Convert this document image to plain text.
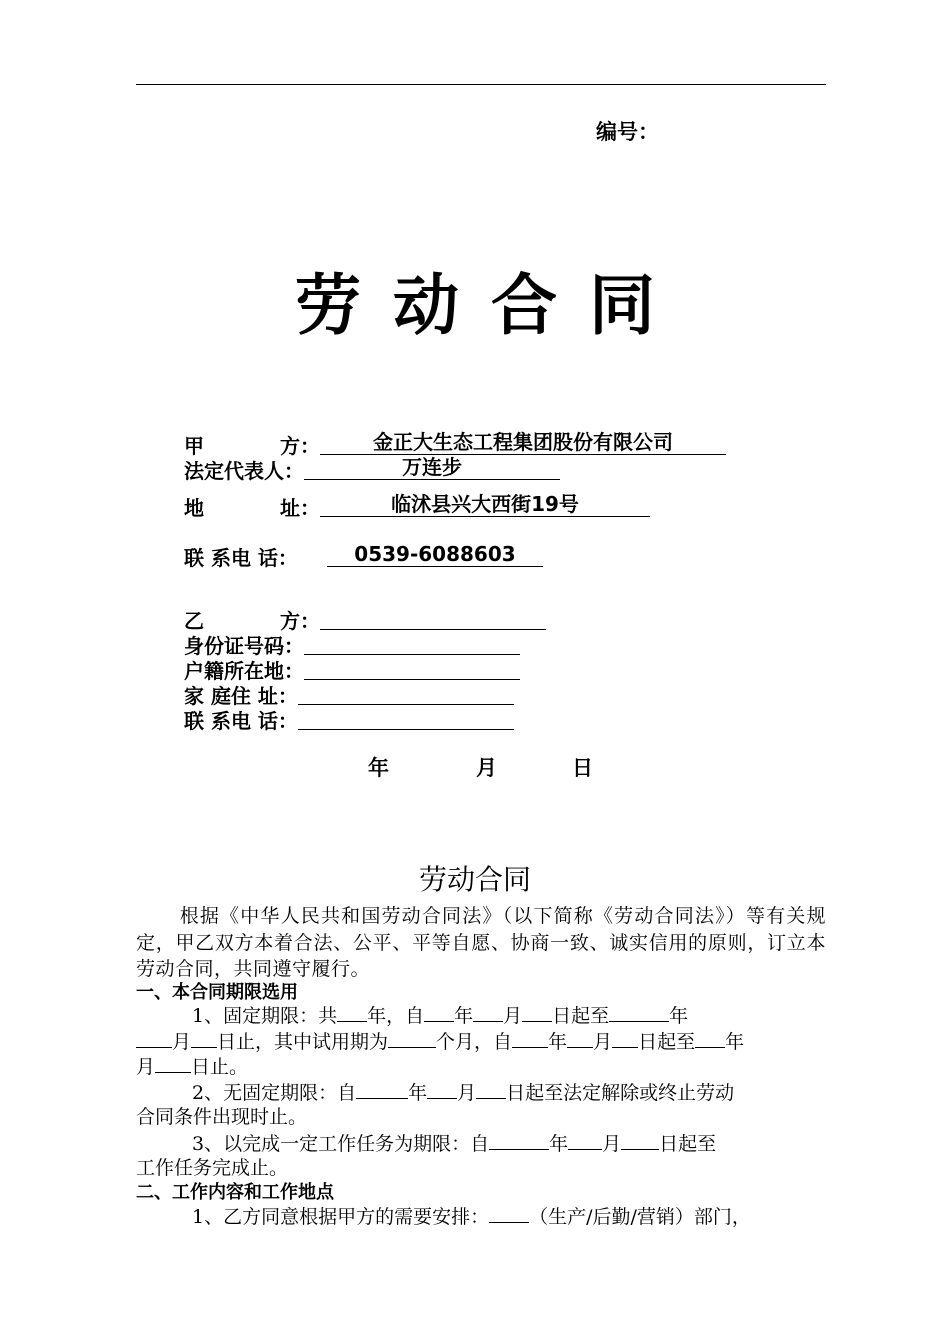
编号：
劳动合同
甲	方：	金正大生态工程集团股份有限公司
法定代表人：	万连步
地	址：	临沭县兴大西街19号
联 系电 话：	0539-6088603
乙	方：
身份证号码：
户籍所在地：
家 庭住 址：
联 系电 话：
年	月	日
劳动合同
根据《中华人民共和国劳动合同法》（以下简称《劳动合同法》）等有关规定，甲乙双方本着合法、公平、平等自愿、协商一致、诚实信用的原则，订立本劳动合同，共同遵守履行。
一、本合同期限选用
1、固定期限：共 年，自 年 月 日起至	年
月 日止，其中试用期为	个月，自 年 月 日起至 年
月 日止。
2、无固定期限：自	年 月 日起至法定解除或终止劳动
合同条件出现时止。
3、以完成一定工作任务为期限：自	年 月 日起至
工作任务完成止。
二、工作内容和工作地点
1、乙方同意根据甲方的需要安排： （生产/后勤/营销）部门，
